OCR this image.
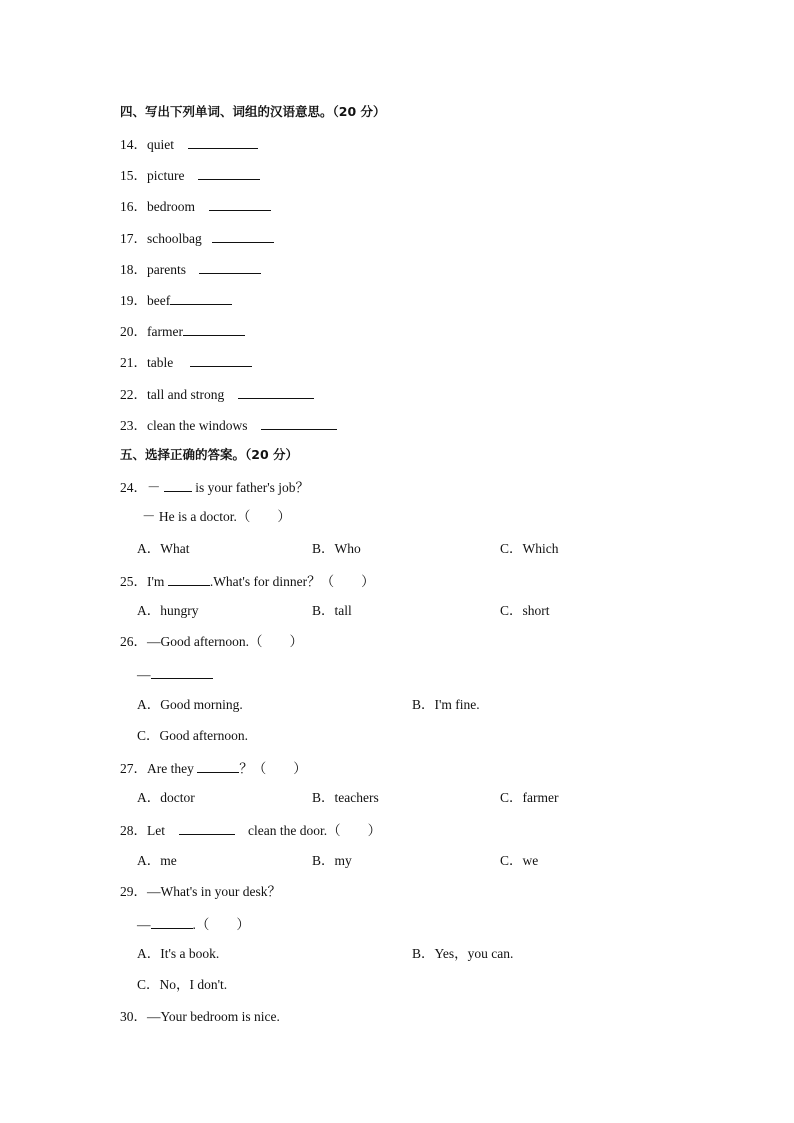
四、写出下列单词、词组的汉语意思。（20 分）
14．quiet
15．picture
16．bedroom
17．schoolbag
18．parents
19．beef
20．farmer
21．table
22．tall and strong
23．clean the windows
五、选择正确的答案。（20 分）
24．－	is your father's job？
－ He is a doctor.（　　）
A．What	B．Who	C．Which
25．I'm	.What's for dinner？（　　）
A．hungry	B．tall	C．short
26．—Good afternoon.（　　）
—
A．Good morning.	B．I'm fine.
C．Good afternoon.
27．Are they	？（　　）
A．doctor	B．teachers	C．farmer
28．Let	clean the door.（　　）
A．me	B．my	C．we
29．—What's in your desk？
—	.（　　）
A．It's a book.	B．Yes，you can.
C．No，I don't.
30．—Your bedroom is nice.
